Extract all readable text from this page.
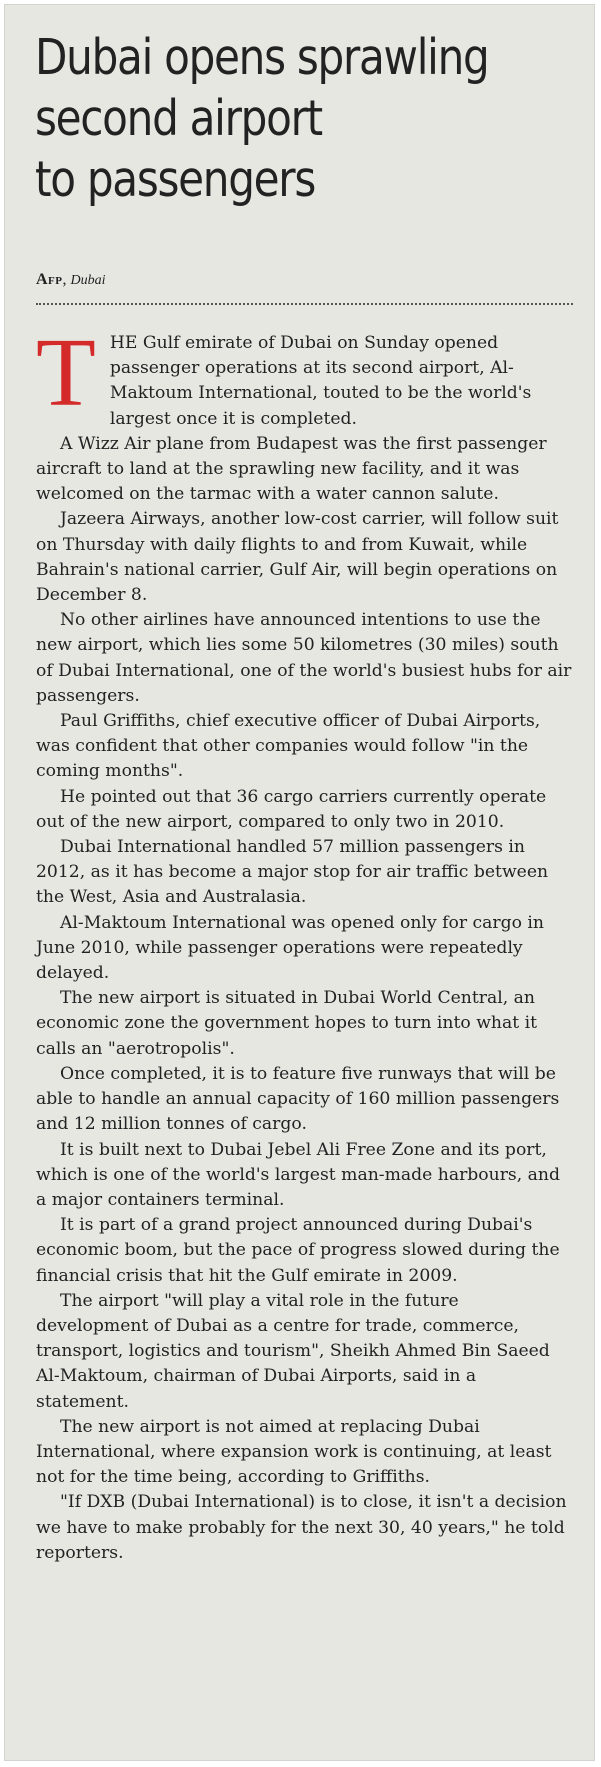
Dubai opens sprawling
second airport
to passengers
Afp, Dubai

THE Gulf emirate of Dubai on Sunday opened passenger operations at its second airport, Al-Maktoum International, touted to be the world's largest once it is completed.

A Wizz Air plane from Budapest was the first passenger aircraft to land at the sprawling new facility, and it was welcomed on the tarmac with a water cannon salute.

Jazeera Airways, another low-cost carrier, will follow suit on Thursday with daily flights to and from Kuwait, while Bahrain's national carrier, Gulf Air, will begin operations on December 8.

No other airlines have announced intentions to use the new airport, which lies some 50 kilometres (30 miles) south of Dubai International, one of the world's busiest hubs for air passengers.

Paul Griffiths, chief executive officer of Dubai Airports, was confident that other companies would follow "in the coming months".

He pointed out that 36 cargo carriers currently operate out of the new airport, compared to only two in 2010.

Dubai International handled 57 million passengers in 2012, as it has become a major stop for air traffic between the West, Asia and Australasia.

Al-Maktoum International was opened only for cargo in June 2010, while passenger operations were repeatedly delayed.

The new airport is situated in Dubai World Central, an economic zone the government hopes to turn into what it calls an "aerotropolis".

Once completed, it is to feature five runways that will be able to handle an annual capacity of 160 million passengers and 12 million tonnes of cargo.

It is built next to Dubai Jebel Ali Free Zone and its port, which is one of the world's largest man-made harbours, and a major containers terminal.

It is part of a grand project announced during Dubai's economic boom, but the pace of progress slowed during the financial crisis that hit the Gulf emirate in 2009.

The airport "will play a vital role in the future development of Dubai as a centre for trade, commerce, transport, logistics and tourism", Sheikh Ahmed Bin Saeed Al-Maktoum, chairman of Dubai Airports, said in a statement.

The new airport is not aimed at replacing Dubai International, where expansion work is continuing, at least not for the time being, according to Griffiths.

"If DXB (Dubai International) is to close, it isn't a decision we have to make probably for the next 30, 40 years," he told reporters.
